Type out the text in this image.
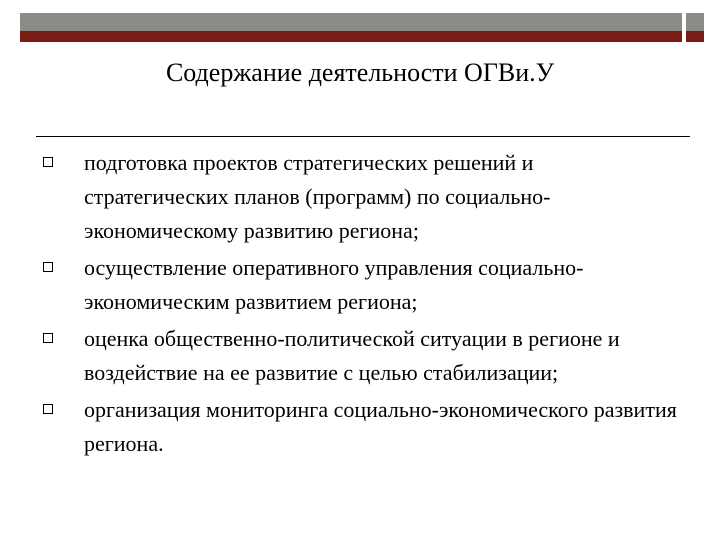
Содержание деятельности ОГВи.У
подготовка проектов стратегических решений и стратегических планов (программ) по социально-экономическому развитию региона;
осуществление оперативного управления социально-экономическим развитием региона;
оценка общественно-политической ситуации в регионе и воздействие на ее развитие с целью стабилизации;
организация мониторинга социально-экономического развития региона.
